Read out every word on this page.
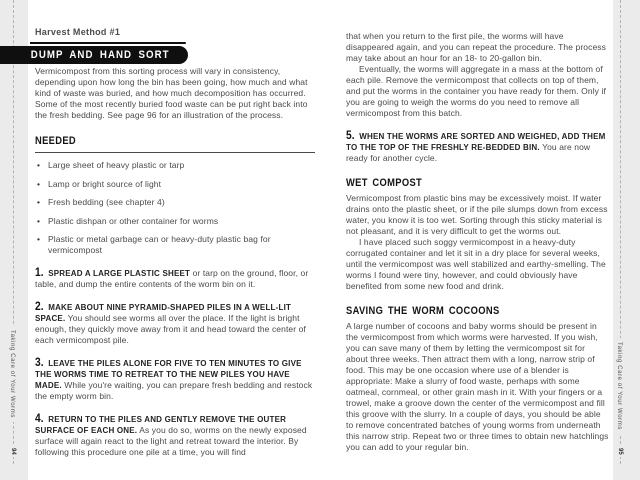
Taking Care of Your Worms
94
Taking Care of Your Worms
95
DUMP AND HAND SORT
Harvest Method #1

Vermicompost from this sorting process will vary in consistency, depending upon how long the bin has been going, how much and what kind of waste was buried, and how much decomposition has occurred. Some of the most recently buried food waste can be put right back into the fresh bedding. See page 96 for an illustration of the process.

NEEDED
• Large sheet of heavy plastic or tarp
• Lamp or bright source of light
• Fresh bedding (see chapter 4)
• Plastic dishpan or other container for worms
• Plastic or metal garbage can or heavy-duty plastic bag for vermicompost

1. SPREAD A LARGE PLASTIC SHEET or tarp on the ground, floor, or table, and dump the entire contents of the worm bin on it.

2. MAKE ABOUT NINE PYRAMID-SHAPED PILES IN A WELL-LIT SPACE. You should see worms all over the place. If the light is bright enough, they quickly move away from it and head toward the center of each vermicompost pile.

3. LEAVE THE PILES ALONE FOR FIVE TO TEN MINUTES TO GIVE THE WORMS TIME TO RETREAT TO THE NEW PILES YOU HAVE MADE. While you're waiting, you can prepare fresh bedding and restock the empty worm bin.

4. RETURN TO THE PILES AND GENTLY REMOVE THE OUTER SURFACE OF EACH ONE. As you do so, worms on the newly exposed surface will again react to the light and retreat toward the interior. By following this procedure one pile at a time, you will find

that when you return to the first pile, the worms will have disappeared again, and you can repeat the procedure. The process may take about an hour for an 18- to 20-gallon bin.

Eventually, the worms will aggregate in a mass at the bottom of each pile. Remove the vermicompost that collects on top of them, and put the worms in the container you have ready for them. Only if you are going to weigh the worms do you need to remove all vermicompost from this batch.

5. WHEN THE WORMS ARE SORTED AND WEIGHED, ADD THEM TO THE TOP OF THE FRESHLY RE-BEDDED BIN. You are now ready for another cycle.

WET COMPOST

Vermicompost from plastic bins may be excessively moist. If water drains onto the plastic sheet, or if the pile slumps down from excess water, you know it is too wet. Sorting through this sticky material is not pleasant, and it is very difficult to get the worms out.

I have placed such soggy vermicompost in a heavy-duty corrugated container and let it sit in a dry place for several weeks, until the vermicompost was well stabilized and earthy-smelling. The worms I found were tiny, however, and could obviously have benefited from some new food and drink.

SAVING THE WORM COCOONS

A large number of cocoons and baby worms should be present in the vermicompost from which worms were harvested. If you wish, you can save many of them by letting the vermicompost sit for about three weeks. Then attract them with a long, narrow strip of food. This may be one occasion where use of a blender is appropriate: Make a slurry of food waste, perhaps with some oatmeal, cornmeal, or other grain mash in it. With your fingers or a trowel, make a groove down the center of the vermicompost and fill this groove with the slurry. In a couple of days, you should be able to remove concentrated batches of young worms from underneath this narrow strip. Repeat two or three times to obtain new hatchlings you can add to your regular bin.
